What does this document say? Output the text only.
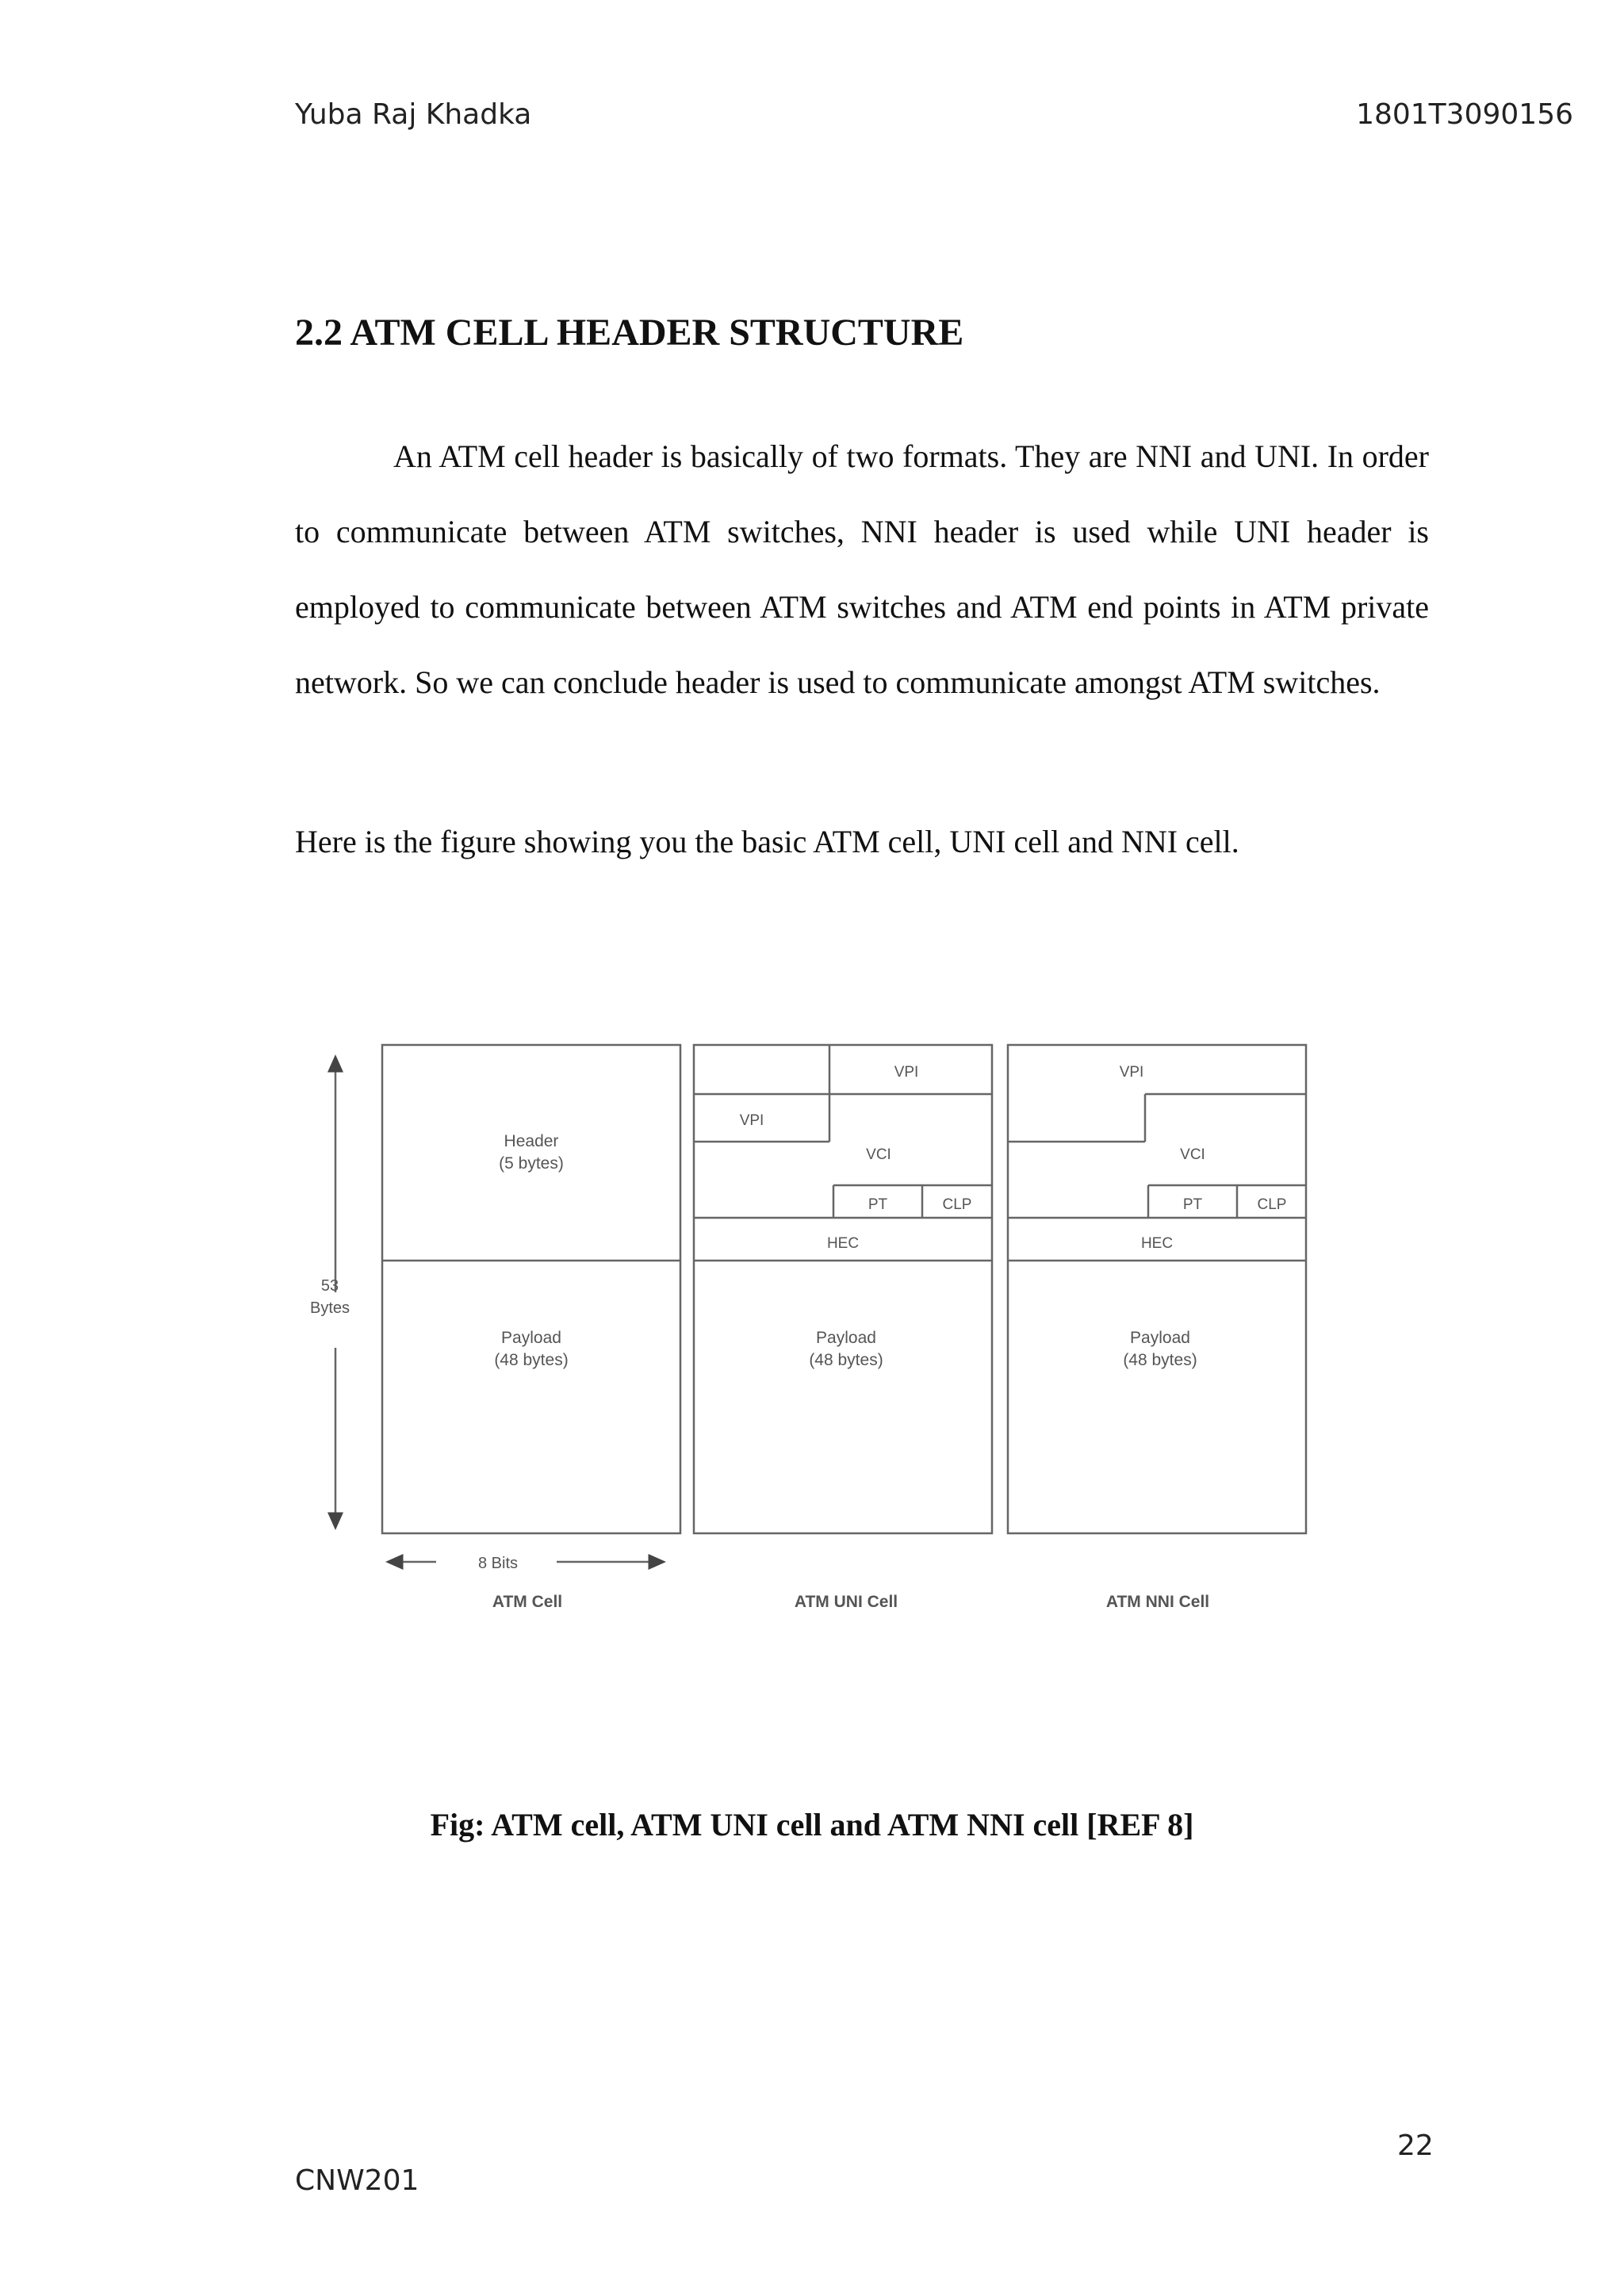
Yuba Raj Khadka	1801T3090156
2.2 ATM CELL HEADER STRUCTURE

An ATM cell header is basically of two formats. They are NNI and UNI. In order to communicate between ATM switches, NNI header is used while UNI header is employed to communicate between ATM switches and ATM end points in ATM private network. So we can conclude header is used to communicate amongst ATM switches.

Here is the figure showing you the basic ATM cell, UNI cell and NNI cell.

53
Bytes
8 Bits
Header
(5 bytes)
Payload
(48 bytes)
VPI
VPI
VCI
PT	CLP
HEC
Payload
(48 bytes)
VPI
VCI
PT	CLP
HEC
Payload
(48 bytes)
ATM Cell	ATM UNI Cell	ATM NNI Cell

Fig: ATM cell, ATM UNI cell and ATM NNI cell [REF 8]

22
CNW201
